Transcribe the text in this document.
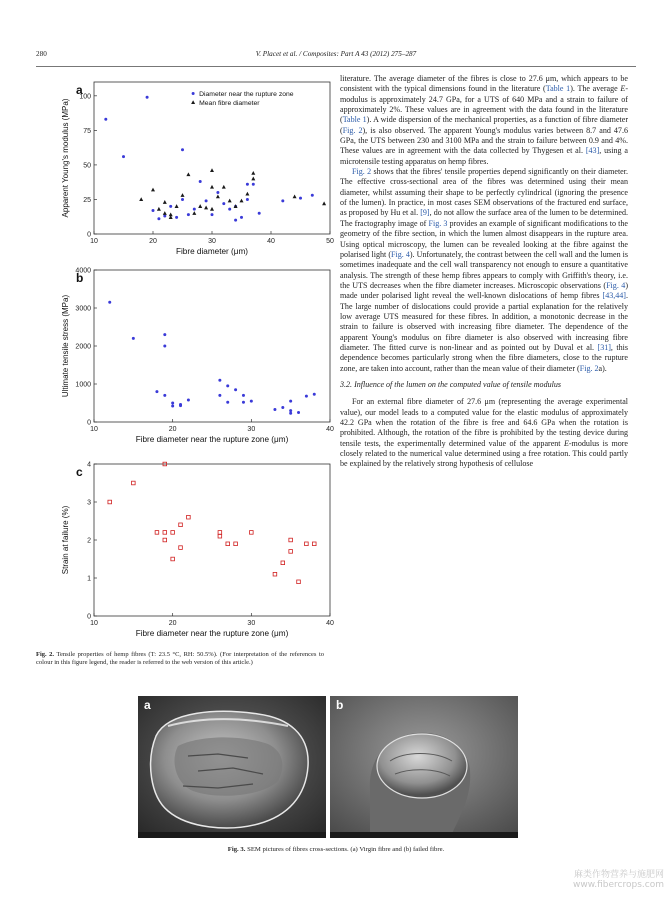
280	V. Placet et al. / Composites: Part A 43 (2012) 275–287
a
10	20	30	40	50
0
25
50
75
100
Fibre diameter (μm)
Apparent Young's modulus (MPa)
Diameter near the rupture zone
Mean fibre diameter
b
10	20	30	40
0
1000
2000
3000
4000
Fibre diameter near the rupture zone (μm)
Ultimate tensile stress (MPa)
c
10	20	30	40
0
1
2
3
4
Fibre diameter near the rupture zone (μm)
Strain at failure (%)
Fig. 2. Tensile properties of hemp fibres (T: 23.5 °C, RH: 50.5%). (For interpretation of the references to colour in this figure legend, the reader is referred to the web version of this article.)

literature. The average diameter of the fibres is close to 27.6 μm, which appears to be consistent with the typical dimensions found in the literature (Table 1). The average E-modulus is approximately 24.7 GPa, for a UTS of 640 MPa and a strain to failure of approximately 2%. These values are in agreement with the data found in the literature (Table 1). A wide dispersion of the mechanical properties, as a function of fibre diameter (Fig. 2), is also observed. The apparent Young's modulus varies between 8.7 and 47.6 GPa, the UTS between 230 and 3100 MPa and the strain to failure between 0.9 and 4%. These values are in agreement with the data collected by Thygesen et al. [43], using a microtensile testing apparatus on hemp fibres.

Fig. 2 shows that the fibres' tensile properties depend significantly on their diameter. The effective cross-sectional area of the fibres was determined using their mean diameter, whilst assuming their shape to be perfectly cylindrical (ignoring the presence of the lumen). In practice, in most cases SEM observations of the fractured end surface, as proposed by Hu et al. [9], do not allow the surface area of the lumen to be determined. The fractography image of Fig. 3 provides an example of significant modifications to the geometry of the fibre section, in which the lumen almost disappears in the rupture area. Using optical microscopy, the lumen can be revealed looking at the fibre against the polarised light (Fig. 4). Unfortunately, the contrast between the cell wall and the lumen is sometimes inadequate and the cell wall transparency not enough to ensure a quantitative analysis. The strength of these hemp fibres appears to comply with Griffith's theory, i.e. the UTS decreases when the fibre diameter increases. Microscopic observations (Fig. 4) made under polarised light reveal the well-known dislocations of hemp fibres [43,44]. The large number of dislocations could provide a partial explanation for the relatively low average UTS measured for these fibres. In addition, a monotonic decrease in the strain to failure is observed with increasing fibre diameter. The dependence of the apparent Young's modulus on fibre diameter is also observed with increasing fibre diameter. The fitted curve is non-linear and as pointed out by Duval et al. [31], this dependence becomes particularly strong when the fibre diameters, close to the rupture zone, are taken into account, rather than the mean value of their diameter (Fig. 2a).

3.2. Influence of the lumen on the computed value of tensile modulus

For an external fibre diameter of 27.6 μm (representing the average experimental value), our model leads to a computed value for the elastic modulus of approximately 42.2 GPa when the rotation of the fibre is free and 64.6 GPa when the rotation is prohibited. Although, the rotation of the fibre is prohibited by the testing device during tensile tests, the experimentally determined value of the apparent E-modulus is more closely related to the numerical value determined using a free rotation. This could partly be explained by the relatively strong hypothesis of cellulose

a	b
Fig. 3. SEM pictures of fibres cross-sections. (a) Virgin fibre and (b) failed fibre.
麻类作物营养与施肥网
www.fibercrops.com
